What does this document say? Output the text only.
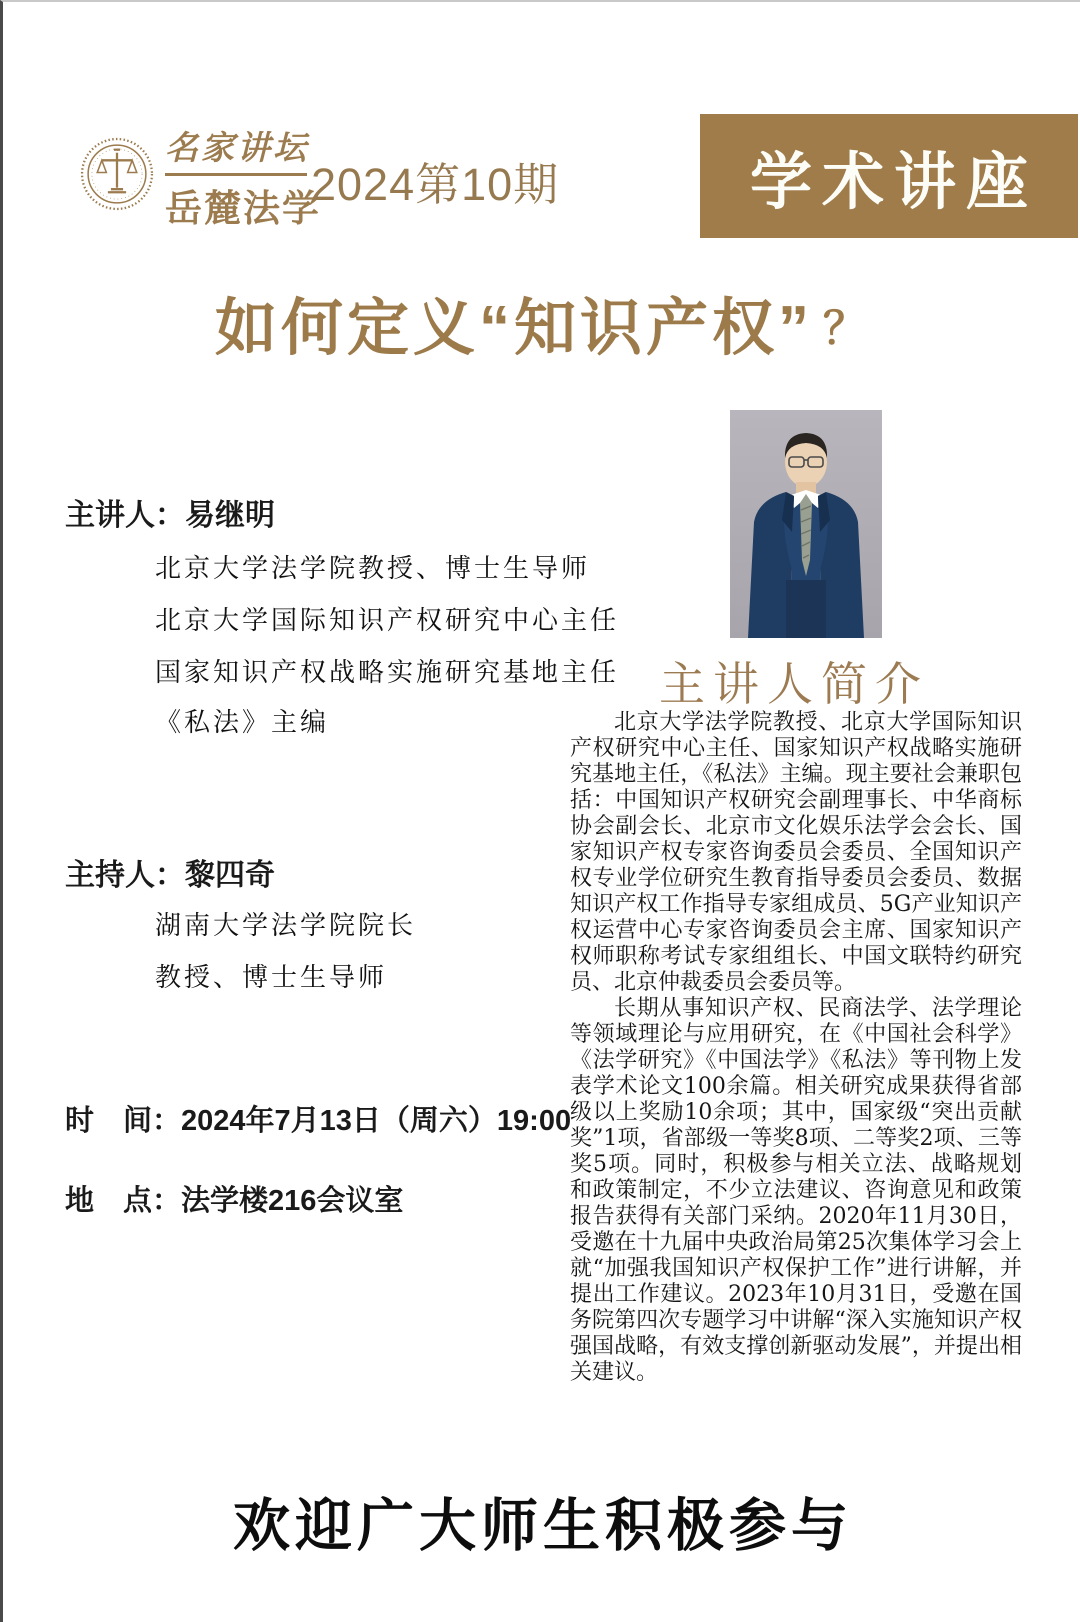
名家讲坛
岳麓法学
2024第10期	学术讲座
如何定义“知识产权” ？
主讲人：易继明
北京大学法学院教授、博士生导师
北京大学国际知识产权研究中心主任
国家知识产权战略实施研究基地主任
《私法》主编
主持人：黎四奇
湖南大学法学院院长
教授、博士生导师
时　间：2024年7月13日（周六）19:00
地　点：法学楼216会议室
主讲人简介

北京大学法学院教授、北京大学国际知识产权研究中心主任、国家知识产权战略实施研究基地主任，《私法》主编。现主要社会兼职包括：中国知识产权研究会副理事长、中华商标协会副会长、北京市文化娱乐法学会会长、国家知识产权专家咨询委员会委员、全国知识产权专业学位研究生教育指导委员会委员、数据知识产权工作指导专家组成员、5G产业知识产权运营中心专家咨询委员会主席、国家知识产权师职称考试专家组组长、中国文联特约研究员、北京仲裁委员会委员等。

长期从事知识产权、民商法学、法学理论等领域理论与应用研究，在《中国社会科学》《法学研究》《中国法学》《私法》等刊物上发表学术论文100余篇。相关研究成果获得省部级以上奖励10余项；其中，国家级“突出贡献奖”1项，省部级一等奖8项、二等奖2项、三等奖5项。同时，积极参与相关立法、战略规划和政策制定，不少立法建议、咨询意见和政策报告获得有关部门采纳。2020年11月30日，受邀在十九届中央政治局第25次集体学习会上就“加强我国知识产权保护工作”进行讲解，并提出工作建议。2023年10月31日，受邀在国务院第四次专题学习中讲解“深入实施知识产权强国战略，有效支撑创新驱动发展”，并提出相关建议。

欢迎广大师生积极参与
